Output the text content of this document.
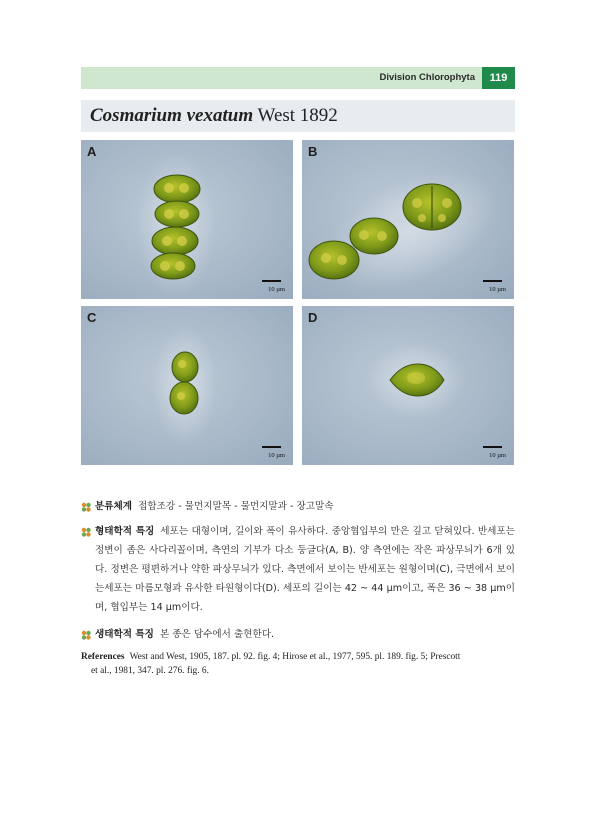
Division Chlorophyta	119
Cosmarium vexatum West 1892
A
10 µm
B
10 µm
C
10 µm
D
10 µm
분류체계 접합조강 - 물먼지말목 - 물먼지말과 - 장고말속
형태학적 특징 세포는 대형이며, 길이와 폭이 유사하다. 중앙협입부의 만은 깊고 닫혀있다. 반세포는 정변이 좁은 사다리꼴이며, 측연의 기부가 다소 둥글다(A, B). 양 측연에는 작은 파상무늬가 6개 있다. 정변은 평편하거나 약한 파상무늬가 있다. 측면에서 보이는 반세포는 원형이며(C), 극면에서 보이는세포는 마름모형과 유사한 타원형이다(D). 세포의 길이는 42 ~ 44 µm이고, 폭은 36 ~ 38 µm이며, 협입부는 14 µm이다.
생태학적 특징 본 종은 담수에서 출현한다.
References West and West, 1905, 187. pl. 92. fig. 4; Hirose et al., 1977, 595. pl. 189. fig. 5; Prescott
et al., 1981, 347. pl. 276. fig. 6.
